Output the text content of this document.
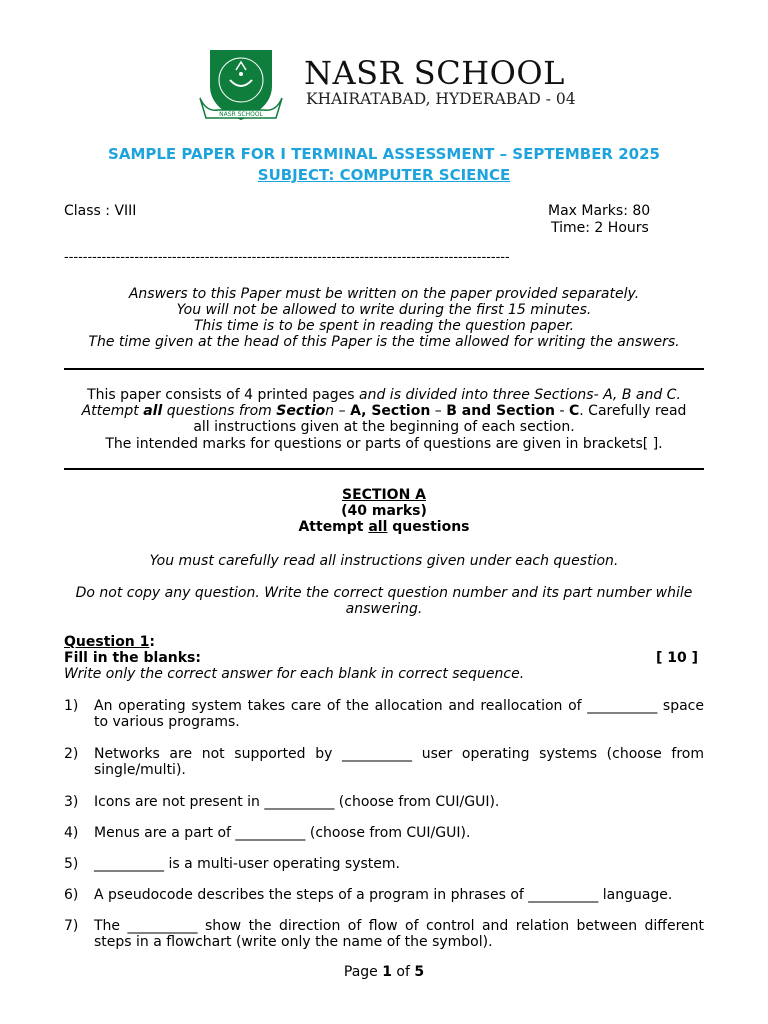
NASR SCHOOL
NASR SCHOOL
KHAIRATABAD, HYDERABAD - 04
SAMPLE PAPER FOR I TERMINAL ASSESSMENT – SEPTEMBER 2025
SUBJECT: COMPUTER SCIENCE
Class : VIII	Max Marks: 80
Time: 2 Hours
-----------------------------------------------------------------------------------------------
Answers to this Paper must be written on the paper provided separately.
You will not be allowed to write during the first 15 minutes.
This time is to be spent in reading the question paper.
The time given at the head of this Paper is the time allowed for writing the answers.
This paper consists of 4 printed pages and is divided into three Sections- A, B and C.
Attempt all questions from Section – A, Section – B and Section - C. Carefully read
all instructions given at the beginning of each section.
The intended marks for questions or parts of questions are given in brackets[ ].
SECTION A
(40 marks)
Attempt all questions
You must carefully read all instructions given under each question.
Do not copy any question. Write the correct question number and its part number while
answering.
Question 1:
Fill in the blanks:	[ 10 ]
Write only the correct answer for each blank in correct sequence.
1) An operating system takes care of the allocation and reallocation of __________ space to various programs.
2) Networks are not supported by __________ user operating systems (choose from single/multi).
3) Icons are not present in __________ (choose from CUI/GUI).
4) Menus are a part of __________ (choose from CUI/GUI).
5) __________ is a multi-user operating system.
6) A pseudocode describes the steps of a program in phrases of __________ language.
7) The __________ show the direction of flow of control and relation between different steps in a flowchart (write only the name of the symbol).
Page 1 of 5
